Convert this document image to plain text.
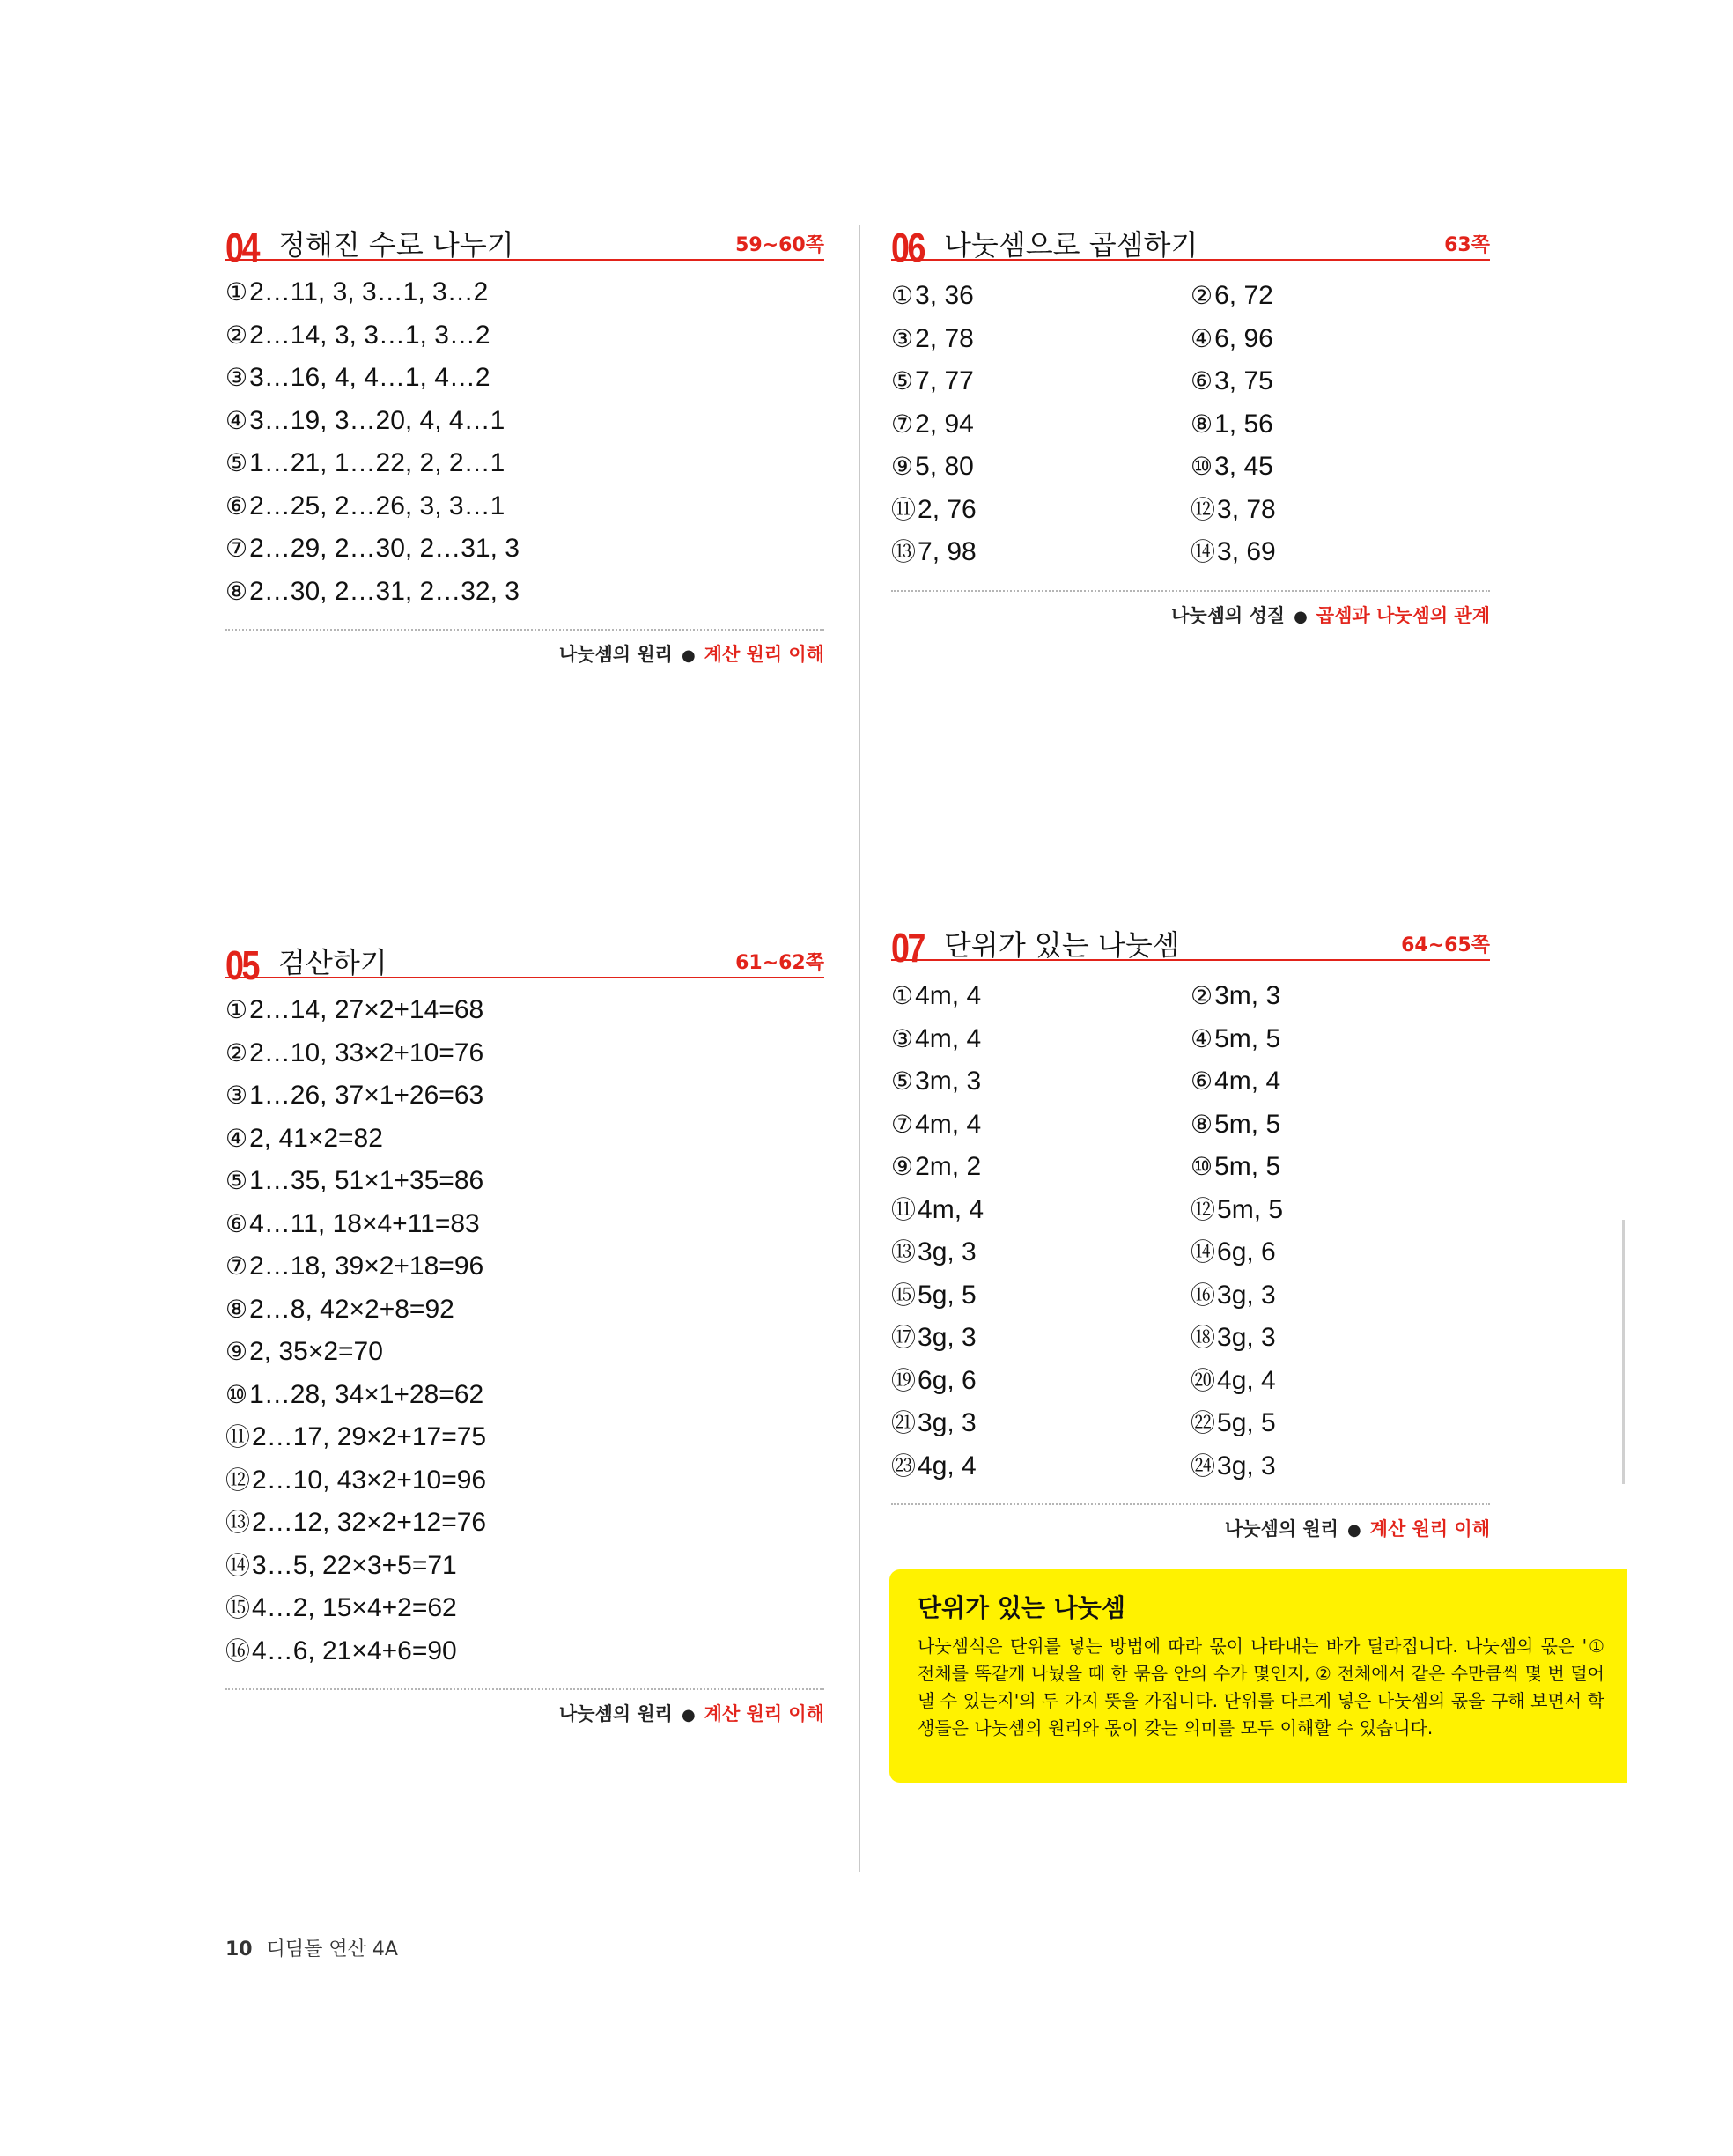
04 정해진 수로 나누기	59~60쪽
①2…11, 3, 3…1, 3…2
②2…14, 3, 3…1, 3…2
③3…16, 4, 4…1, 4…2
④3…19, 3…20, 4, 4…1
⑤1…21, 1…22, 2, 2…1
⑥2…25, 2…26, 3, 3…1
⑦2…29, 2…30, 2…31, 3
⑧2…30, 2…31, 2…32, 3
나눗셈의 원리 ● 계산 원리 이해
05 검산하기	61~62쪽
①2…14, 27×2+14=68
②2…10, 33×2+10=76
③1…26, 37×1+26=63
④2, 41×2=82
⑤1…35, 51×1+35=86
⑥4…11, 18×4+11=83
⑦2…18, 39×2+18=96
⑧2…8, 42×2+8=92
⑨2, 35×2=70
⑩1…28, 34×1+28=62
⑪2…17, 29×2+17=75
⑫2…10, 43×2+10=96
⑬2…12, 32×2+12=76
⑭3…5, 22×3+5=71
⑮4…2, 15×4+2=62
⑯4…6, 21×4+6=90
나눗셈의 원리 ● 계산 원리 이해
06 나눗셈으로 곱셈하기	63쪽
①3, 36	②6, 72
③2, 78	④6, 96
⑤7, 77	⑥3, 75
⑦2, 94	⑧1, 56
⑨5, 80	⑩3, 45
⑪2, 76	⑫3, 78
⑬7, 98	⑭3, 69
나눗셈의 성질 ● 곱셈과 나눗셈의 관계
07 단위가 있는 나눗셈	64~65쪽
①4m, 4	②3m, 3
③4m, 4	④5m, 5
⑤3m, 3	⑥4m, 4
⑦4m, 4	⑧5m, 5
⑨2m, 2	⑩5m, 5
⑪4m, 4	⑫5m, 5
⑬3g, 3	⑭6g, 6
⑮5g, 5	⑯3g, 3
⑰3g, 3	⑱3g, 3
⑲6g, 6	⑳4g, 4
㉑3g, 3	㉒5g, 5
㉓4g, 4	㉔3g, 3
나눗셈의 원리 ● 계산 원리 이해
단위가 있는 나눗셈
나눗셈식은 단위를 넣는 방법에 따라 몫이 나타내는 바가 달라집니다. 나눗셈의 몫은 '① 전체를 똑같게 나눴을 때 한 묶음 안의 수가 몇인지, ② 전체에서 같은 수만큼씩 몇 번 덜어 낼 수 있는지'의 두 가지 뜻을 가집니다. 단위를 다르게 넣은 나눗셈의 몫을 구해 보면서 학생들은 나눗셈의 원리와 몫이 갖는 의미를 모두 이해할 수 있습니다.
10 디딤돌 연산 4A
